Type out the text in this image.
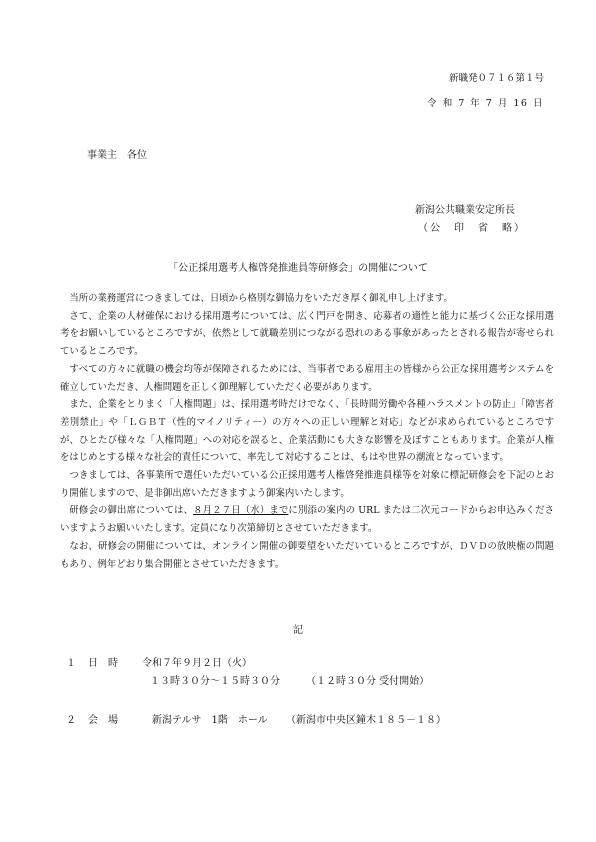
新職発０７１６第１号
令 和 7 年 7 月 16 日
事業主　各位
新潟公共職業安定所長
（公　印　省　略）
「公正採用選考人権啓発推進員等研修会」の開催について

当所の業務運営につきましては、日頃から格別な御協力をいただき厚く御礼申し上げます。

さて、企業の人材確保における採用選考については、広く門戸を開き、応募者の適性と能力に基づく公正な採用選考をお願いしているところですが、依然として就職差別につながる恐れのある事象があったとされる報告が寄せられているところです。

すべての方々に就職の機会均等が保障されるためには、当事者である雇用主の皆様から公正な採用選考システムを確立していただき、人権問題を正しく御理解していただく必要があります。

また、企業をとりまく「人権問題」は、採用選考時だけでなく、「長時間労働や各種ハラスメントの防止」「障害者差別禁止」や「ＬＧＢＴ（性的マイノリティー）の方々への正しい理解と対応」などが求められているところですが、ひとたび様々な「人権問題」への対応を誤ると、企業活動にも大きな影響を及ぼすこともあります。企業が人権をはじめとする様々な社会的責任について、率先して対応することは、もはや世界の潮流となっています。

つきましては、各事業所で選任いただいている公正採用選考人権啓発推進員様等を対象に標記研修会を下記のとおり開催しますので、是非御出席いただきますよう御案内いたします。

研修会の御出席については、８月２７日（水）までに別添の案内の URL または二次元コードからお申込みくださいますようお願いいたします。定員になり次第締切とさせていただきます。

なお、研修会の開催については、オンライン開催の御要望をいただいているところですが、ＤＶＤの放映権の問題もあり、例年どおり集合開催とさせていただきます。

記
１ 日　時 令和７年９月２日（火）
１３時３０分～１５時３０分	（１２時３０分 受付開始）
２ 会　場	新潟テルサ　1階　ホール （新潟市中央区鐘木１８５－１８）
